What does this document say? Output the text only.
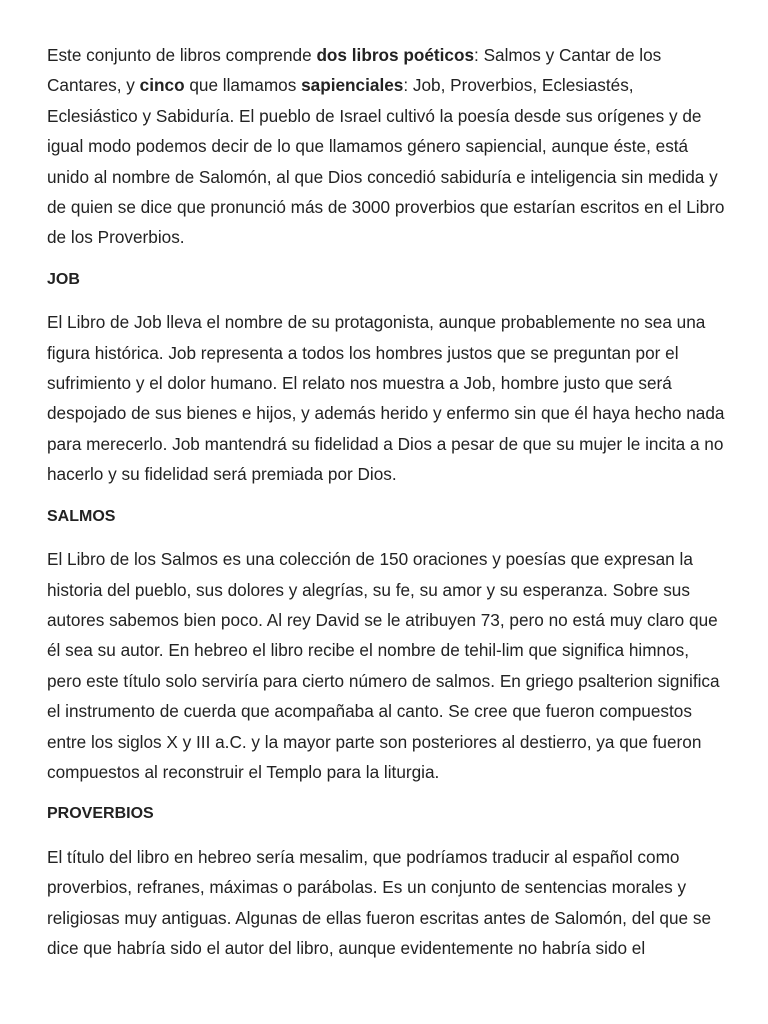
Este conjunto de libros comprende dos libros poéticos: Salmos y Cantar de los Cantares, y cinco que llamamos sapienciales: Job, Proverbios, Eclesiastés, Eclesiástico y Sabiduría. El pueblo de Israel cultivó la poesía desde sus orígenes y de igual modo podemos decir de lo que llamamos género sapiencial, aunque éste, está unido al nombre de Salomón, al que Dios concedió sabiduría e inteligencia sin medida y de quien se dice que pronunció más de 3000 proverbios que estarían escritos en el Libro de los Proverbios.

JOB

El Libro de Job lleva el nombre de su protagonista, aunque probablemente no sea una figura histórica. Job representa a todos los hombres justos que se preguntan por el sufrimiento y el dolor humano. El relato nos muestra a Job, hombre justo que será despojado de sus bienes e hijos, y además herido y enfermo sin que él haya hecho nada para merecerlo. Job mantendrá su fidelidad a Dios a pesar de que su mujer le incita a no hacerlo y su fidelidad será premiada por Dios.

SALMOS

El Libro de los Salmos es una colección de 150 oraciones y poesías que expresan la historia del pueblo, sus dolores y alegrías, su fe, su amor y su esperanza. Sobre sus autores sabemos bien poco. Al rey David se le atribuyen 73, pero no está muy claro que él sea su autor. En hebreo el libro recibe el nombre de tehil-lim que significa himnos, pero este título solo serviría para cierto número de salmos. En griego psalterion significa el instrumento de cuerda que acompañaba al canto. Se cree que fueron compuestos entre los siglos X y III a.C. y la mayor parte son posteriores al destierro, ya que fueron compuestos al reconstruir el Templo para la liturgia.

PROVERBIOS

El título del libro en hebreo sería mesalim, que podríamos traducir al español como proverbios, refranes, máximas o parábolas. Es un conjunto de sentencias morales y religiosas muy antiguas. Algunas de ellas fueron escritas antes de Salomón, del que se dice que habría sido el autor del libro, aunque evidentemente no habría sido el
